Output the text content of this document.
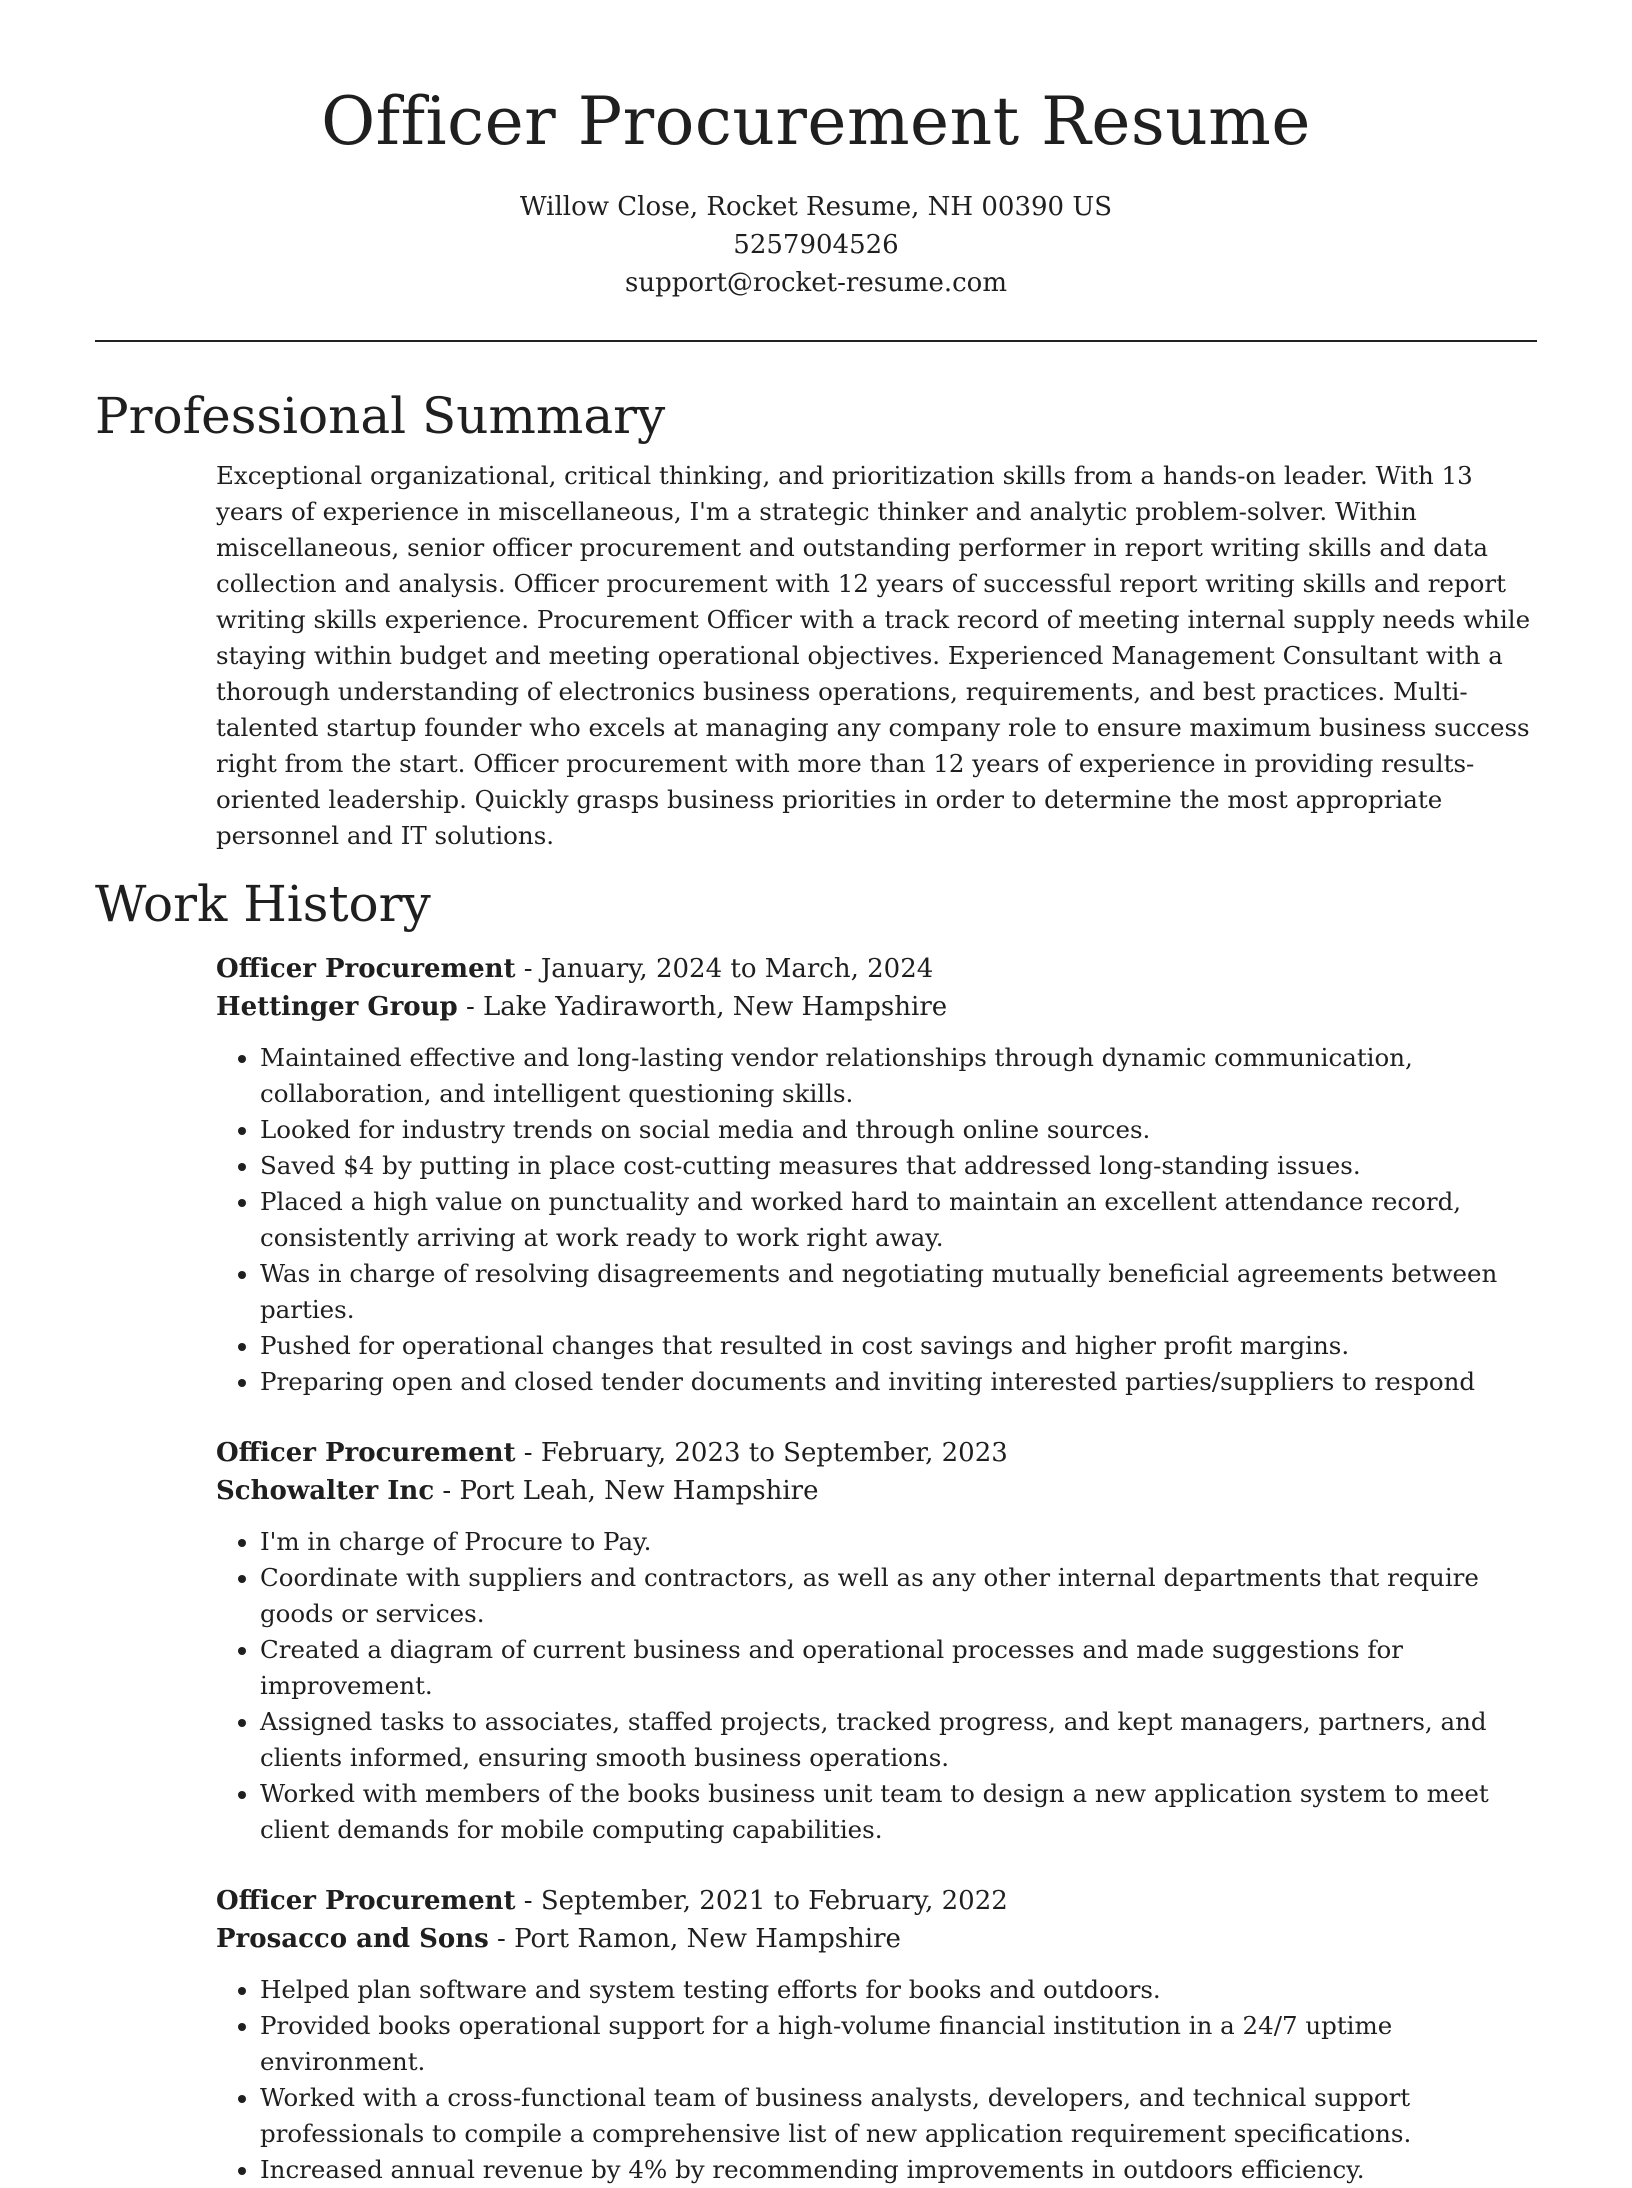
Officer Procurement Resume

Willow Close, Rocket Resume, NH 00390 US

5257904526

support@rocket-resume.com

Professional Summary

Exceptional organizational, critical thinking, and prioritization skills from a hands-on leader. With 13 years of experience in miscellaneous, I'm a strategic thinker and analytic problem-solver. Within miscellaneous, senior officer procurement and outstanding performer in report writing skills and data collection and analysis. Officer procurement with 12 years of successful report writing skills and report writing skills experience. Procurement Officer with a track record of meeting internal supply needs while staying within budget and meeting operational objectives. Experienced Management Consultant with a thorough understanding of electronics business operations, requirements, and best practices. Multi-talented startup founder who excels at managing any company role to ensure maximum business success right from the start. Officer procurement with more than 12 years of experience in providing results-oriented leadership. Quickly grasps business priorities in order to determine the most appropriate personnel and IT solutions.

Work History

Officer Procurement - January, 2024 to March, 2024

Hettinger Group - Lake Yadiraworth, New Hampshire

• Maintained effective and long-lasting vendor relationships through dynamic communication, collaboration, and intelligent questioning skills.
• Looked for industry trends on social media and through online sources.
• Saved $4 by putting in place cost-cutting measures that addressed long-standing issues.
• Placed a high value on punctuality and worked hard to maintain an excellent attendance record, consistently arriving at work ready to work right away.
• Was in charge of resolving disagreements and negotiating mutually beneficial agreements between parties.
• Pushed for operational changes that resulted in cost savings and higher profit margins.
• Preparing open and closed tender documents and inviting interested parties/suppliers to respond

Officer Procurement - February, 2023 to September, 2023

Schowalter Inc - Port Leah, New Hampshire

• I'm in charge of Procure to Pay.
• Coordinate with suppliers and contractors, as well as any other internal departments that require goods or services.
• Created a diagram of current business and operational processes and made suggestions for improvement.
• Assigned tasks to associates, staffed projects, tracked progress, and kept managers, partners, and clients informed, ensuring smooth business operations.
• Worked with members of the books business unit team to design a new application system to meet client demands for mobile computing capabilities.

Officer Procurement - September, 2021 to February, 2022

Prosacco and Sons - Port Ramon, New Hampshire

• Helped plan software and system testing efforts for books and outdoors.
• Provided books operational support for a high-volume financial institution in a 24/7 uptime environment.
• Worked with a cross-functional team of business analysts, developers, and technical support professionals to compile a comprehensive list of new application requirement specifications.
• Increased annual revenue by 4% by recommending improvements in outdoors efficiency.
